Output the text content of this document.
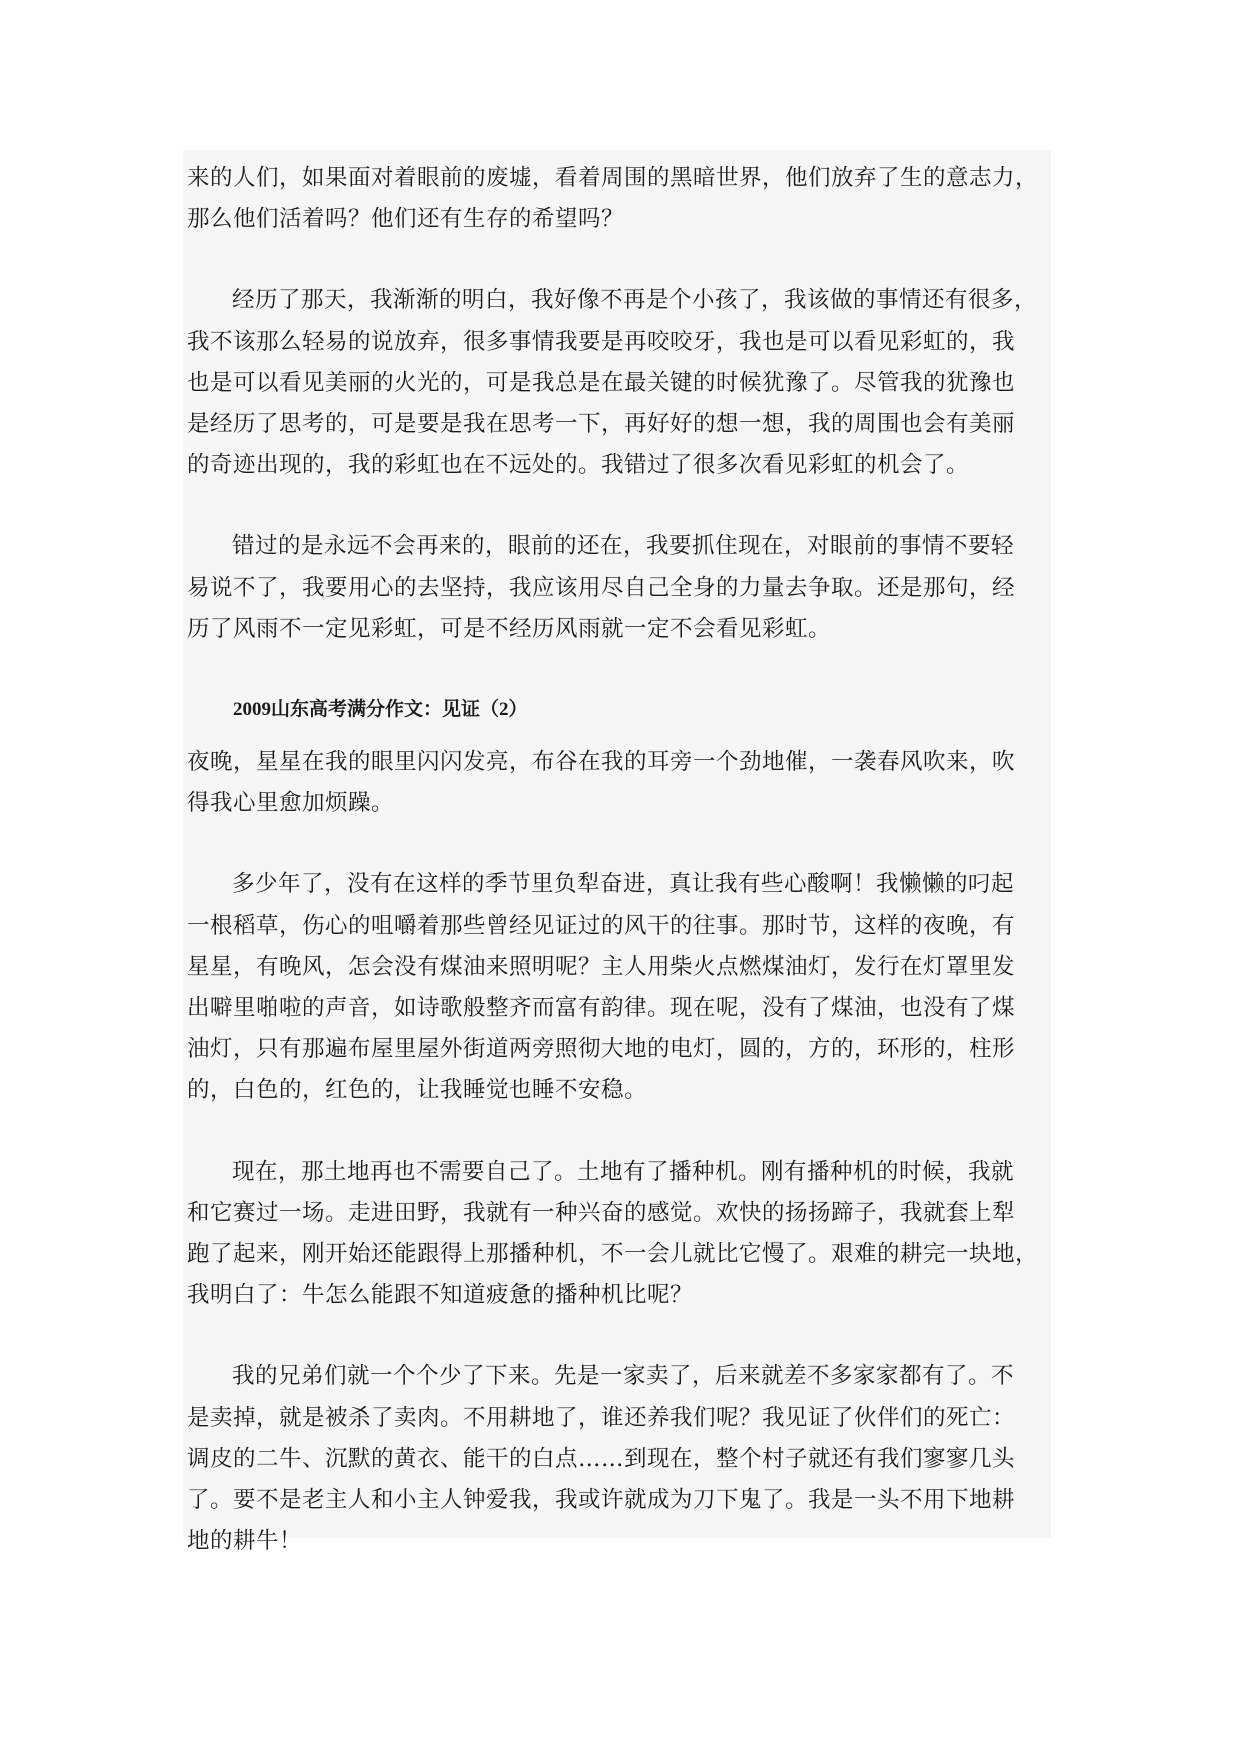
来的人们，如果面对着眼前的废墟，看着周围的黑暗世界，他们放弃了生的意志力，
那么他们活着吗？他们还有生存的希望吗？

经历了那天，我渐渐的明白，我好像不再是个小孩了，我该做的事情还有很多，
我不该那么轻易的说放弃，很多事情我要是再咬咬牙，我也是可以看见彩虹的，我
也是可以看见美丽的火光的，可是我总是在最关键的时候犹豫了。尽管我的犹豫也
是经历了思考的，可是要是我在思考一下，再好好的想一想，我的周围也会有美丽
的奇迹出现的，我的彩虹也在不远处的。我错过了很多次看见彩虹的机会了。

错过的是永远不会再来的，眼前的还在，我要抓住现在，对眼前的事情不要轻
易说不了，我要用心的去坚持，我应该用尽自己全身的力量去争取。还是那句，经
历了风雨不一定见彩虹，可是不经历风雨就一定不会看见彩虹。

2009山东高考满分作文：见证（2）

夜晚，星星在我的眼里闪闪发亮，布谷在我的耳旁一个劲地催，一袭春风吹来，吹
得我心里愈加烦躁。

多少年了，没有在这样的季节里负犁奋进，真让我有些心酸啊！我懒懒的叼起
一根稻草，伤心的咀嚼着那些曾经见证过的风干的往事。那时节，这样的夜晚，有
星星，有晚风，怎会没有煤油来照明呢？主人用柴火点燃煤油灯，发行在灯罩里发
出噼里啪啦的声音，如诗歌般整齐而富有韵律。现在呢，没有了煤油，也没有了煤
油灯，只有那遍布屋里屋外街道两旁照彻大地的电灯，圆的，方的，环形的，柱形
的，白色的，红色的，让我睡觉也睡不安稳。

现在，那土地再也不需要自己了。土地有了播种机。刚有播种机的时候，我就
和它赛过一场。走进田野，我就有一种兴奋的感觉。欢快的扬扬蹄子，我就套上犁
跑了起来，刚开始还能跟得上那播种机，不一会儿就比它慢了。艰难的耕完一块地，
我明白了：牛怎么能跟不知道疲惫的播种机比呢？

我的兄弟们就一个个少了下来。先是一家卖了，后来就差不多家家都有了。不
是卖掉，就是被杀了卖肉。不用耕地了，谁还养我们呢？我见证了伙伴们的死亡：
调皮的二牛、沉默的黄衣、能干的白点……到现在，整个村子就还有我们寥寥几头
了。要不是老主人和小主人钟爱我，我或许就成为刀下鬼了。我是一头不用下地耕
地的耕牛！
